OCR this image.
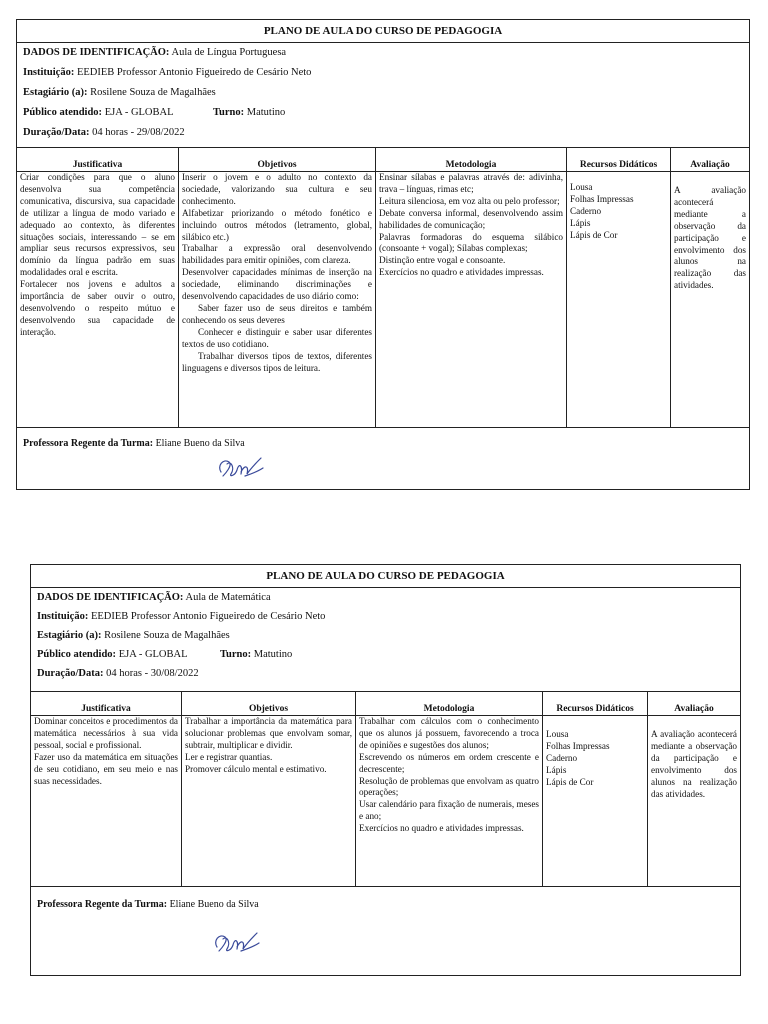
PLANO DE AULA DO CURSO DE PEDAGOGIA
DADOS DE IDENTIFICAÇÃO: Aula de Língua Portuguesa
Instituição: EEDIEB Professor Antonio Figueiredo de Cesário Neto
Estagiário (a): Rosilene Souza de Magalhães
Público atendido: EJA - GLOBAL	Turno: Matutino
Duração/Data: 04 horas - 29/08/2022
Justificativa

Criar condições para que o aluno desenvolva sua competência comunicativa, discursiva, sua capacidade de utilizar a língua de modo variado e adequado ao contexto, às diferentes situações sociais, interessando – se em ampliar seus recursos expressivos, seu domínio da língua padrão em suas modalidades oral e escrita.

Fortalecer nos jovens e adultos a importância de saber ouvir o outro, desenvolvendo o respeito mútuo e desenvolvendo sua capacidade de interação.

Objetivos

Inserir o jovem e o adulto no contexto da sociedade, valorizando sua cultura e seu conhecimento.

Alfabetizar priorizando o método fonético e incluindo outros métodos (letramento, global, silábico etc.)

Trabalhar a expressão oral desenvolvendo habilidades para emitir opiniões, com clareza.

Desenvolver capacidades mínimas de inserção na sociedade, eliminando discriminações e desenvolvendo capacidades de uso diário como:

Saber fazer uso de seus direitos e também conhecendo os seus deveres

Conhecer e distinguir e saber usar diferentes textos de uso cotidiano.

Trabalhar diversos tipos de textos, diferentes linguagens e diversos tipos de leitura.

Metodologia

Ensinar sílabas e palavras através de: adivinha, trava – línguas, rimas etc;

Leitura silenciosa, em voz alta ou pelo professor;

Debate conversa informal, desenvolvendo assim habilidades de comunicação;

Palavras formadoras do esquema silábico (consoante + vogal); Sílabas complexas;

Distinção entre vogal e consoante.

Exercícios no quadro e atividades impressas.

Recursos Didáticos

Lousa

Folhas Impressas

Caderno

Lápis

Lápis de Cor

Avaliação

A avaliação acontecerá mediante a observação da participação e envolvimento dos alunos na realização das atividades.

Professora Regente da Turma: Eliane Bueno da Silva
PLANO DE AULA DO CURSO DE PEDAGOGIA
DADOS DE IDENTIFICAÇÃO: Aula de Matemática
Instituição: EEDIEB Professor Antonio Figueiredo de Cesário Neto
Estagiário (a): Rosilene Souza de Magalhães
Público atendido: EJA - GLOBAL	Turno: Matutino
Duração/Data: 04 horas - 30/08/2022
Justificativa

Dominar conceitos e procedimentos da matemática necessários à sua vida pessoal, social e profissional.

Fazer uso da matemática em situações de seu cotidiano, em seu meio e nas suas necessidades.

Objetivos

Trabalhar a importância da matemática para solucionar problemas que envolvam somar, subtrair, multiplicar e dividir.

Ler e registrar quantias.

Promover cálculo mental e estimativo.

Metodologia

Trabalhar com cálculos com o conhecimento que os alunos já possuem, favorecendo a troca de opiniões e sugestões dos alunos;

Escrevendo os números em ordem crescente e decrescente;

Resolução de problemas que envolvam as quatro operações;

Usar calendário para fixação de numerais, meses e ano;

Exercícios no quadro e atividades impressas.

Recursos Didáticos

Lousa

Folhas Impressas

Caderno

Lápis

Lápis de Cor

Avaliação

A avaliação acontecerá mediante a observação da participação e envolvimento dos alunos na realização das atividades.

Professora Regente da Turma: Eliane Bueno da Silva
